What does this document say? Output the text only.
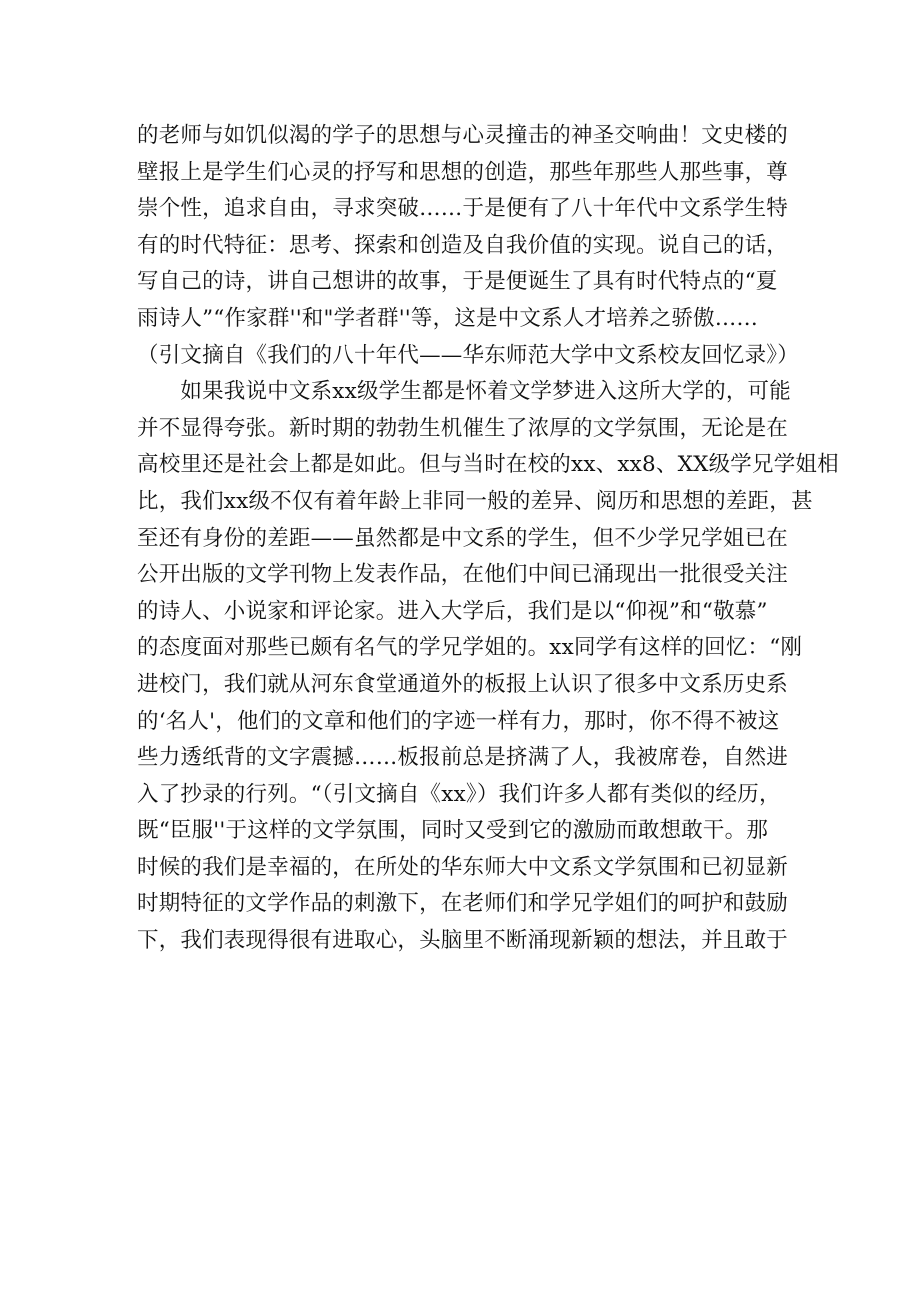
的老师与如饥似渴的学子的思想与心灵撞击的神圣交响曲！文史楼的
壁报上是学生们心灵的抒写和思想的创造，那些年那些人那些事，尊
崇个性，追求自由，寻求突破……于是便有了八十年代中文系学生特
有的时代特征：思考、探索和创造及自我价值的实现。说自己的话，
写自己的诗，讲自己想讲的故事，于是便诞生了具有时代特点的“夏
雨诗人”“作家群''和"学者群''等，这是中文系人才培养之骄傲……
（引文摘自《我们的八十年代——华东师范大学中文系校友回忆录》）
　　如果我说中文系xx级学生都是怀着文学梦进入这所大学的，可能
并不显得夸张。新时期的勃勃生机催生了浓厚的文学氛围，无论是在
高校里还是社会上都是如此。但与当时在校的xx、xx8、XX级学兄学姐相
比，我们xx级不仅有着年龄上非同一般的差异、阅历和思想的差距，甚
至还有身份的差距——虽然都是中文系的学生，但不少学兄学姐已在
公开出版的文学刊物上发表作品，在他们中间已涌现出一批很受关注
的诗人、小说家和评论家。进入大学后，我们是以“仰视”和“敬慕”
的态度面对那些已颇有名气的学兄学姐的。xx同学有这样的回忆：“刚
进校门，我们就从河东食堂通道外的板报上认识了很多中文系历史系
的‘名人'，他们的文章和他们的字迹一样有力，那时，你不得不被这
些力透纸背的文字震撼……板报前总是挤满了人，我被席卷，自然进
入了抄录的行列。“（引文摘自《xx》）我们许多人都有类似的经历，
既“臣服''于这样的文学氛围，同时又受到它的激励而敢想敢干。那
时候的我们是幸福的，在所处的华东师大中文系文学氛围和已初显新
时期特征的文学作品的刺激下，在老师们和学兄学姐们的呵护和鼓励
下，我们表现得很有进取心，头脑里不断涌现新颖的想法，并且敢于
